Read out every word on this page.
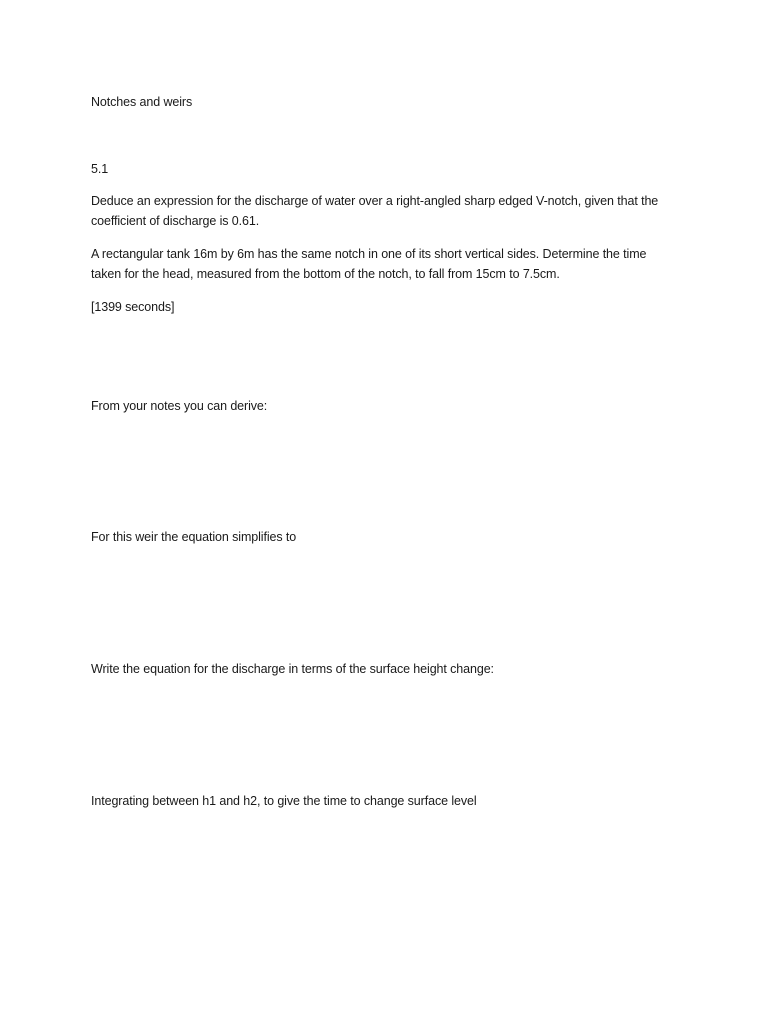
Notches and weirs
5.1
Deduce an expression for the discharge of water over a right-angled sharp edged V-notch, given that the
coefficient of discharge is 0.61.
A rectangular tank 16m by 6m has the same notch in one of its short vertical sides. Determine the time
taken for the head, measured from the bottom of the notch, to fall from 15cm to 7.5cm.
[1399 seconds]
From your notes you can derive:
For this weir the equation simplifies to
Write the equation for the discharge in terms of the surface height change:
Integrating between h1 and h2, to give the time to change surface level
